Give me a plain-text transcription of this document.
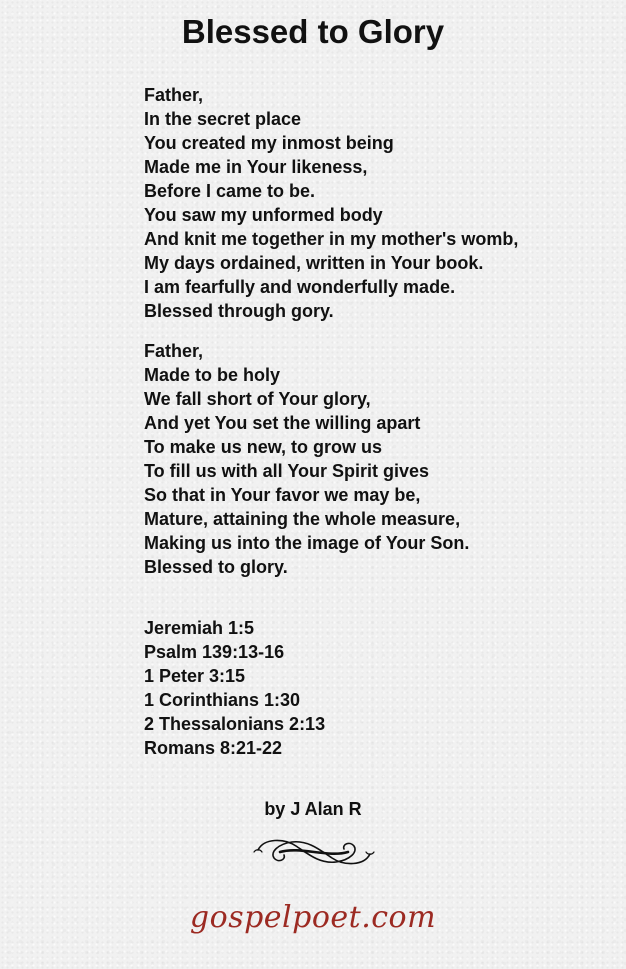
Blessed to Glory
Father,
In the secret place
You created my inmost being
Made me in Your likeness,
Before I came to be.
You saw my unformed body
And knit me together in my mother's womb,
My days ordained, written in Your book.
I am fearfully and wonderfully made.
Blessed through gory.
Father,
Made to be holy
We fall short of Your glory,
And yet You set the willing apart
To make us new, to grow us
To fill us with all Your Spirit gives
So that in Your favor we may be,
Mature, attaining the whole measure,
Making us into the image of Your Son.
Blessed to glory.
Jeremiah 1:5
Psalm 139:13-16
1 Peter 3:15
1 Corinthians 1:30
2 Thessalonians 2:13
Romans 8:21-22
by J Alan R
gospelpoet.com
